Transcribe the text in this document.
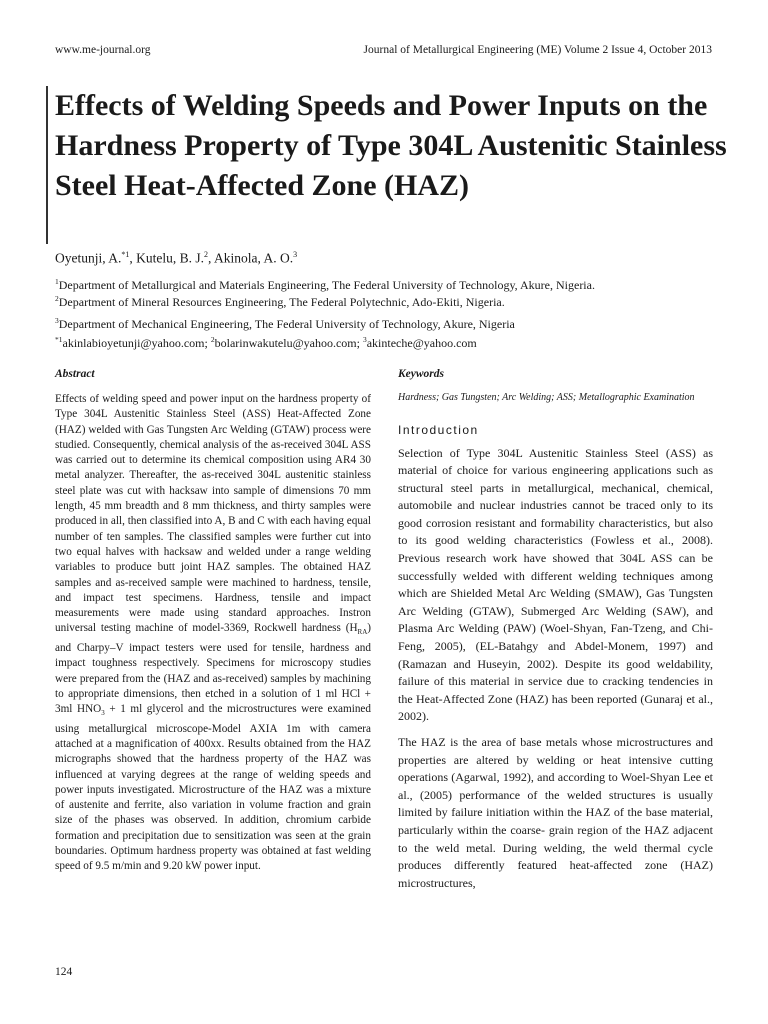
www.me-journal.org	Journal of Metallurgical Engineering (ME) Volume 2 Issue 4, October 2013
Effects of Welding Speeds and Power Inputs on the Hardness Property of Type 304L Austenitic Stainless Steel Heat-Affected Zone (HAZ)
Oyetunji, A.$^{*1}$, Kutelu, B. J.$^2$, Akinola, A. O.$^3$
$^1$Department of Metallurgical and Materials Engineering, The Federal University of Technology, Akure, Nigeria.
$^2$Department of Mineral Resources Engineering, The Federal Polytechnic, Ado-Ekiti, Nigeria.
$^3$Department of Mechanical Engineering, The Federal University of Technology, Akure, Nigeria
$^{*1}$akinlabioyetunji@yahoo.com; $^2$bolarinwakutelu@yahoo.com; $^3$akinteche@yahoo.com

Abstract

Effects of welding speed and power input on the hardness property of Type 304L Austenitic Stainless Steel (ASS) Heat-Affected Zone (HAZ) welded with Gas Tungsten Arc Welding (GTAW) process were studied. Consequently, chemical analysis of the as-received 304L ASS was carried out to determine its chemical composition using AR4 30 metal analyzer. Thereafter, the as-received 304L austenitic stainless steel plate was cut with hacksaw into sample of dimensions 70 mm length, 45 mm breadth and 8 mm thickness, and thirty samples were produced in all, then classified into A, B and C with each having equal number of ten samples. The classified samples were further cut into two equal halves with hacksaw and welded under a range welding variables to produce butt joint HAZ samples. The obtained HAZ samples and as-received sample were machined to hardness, tensile, and impact test specimens. Hardness, tensile and impact measurements were made using standard approaches. Instron universal testing machine of model-3369, Rockwell hardness $(H_{RA})$ and Charpy–V impact testers were used for tensile, hardness and impact toughness respectively. Specimens for microscopy studies were prepared from the (HAZ and as-received) samples by machining to appropriate dimensions, then etched in a solution of 1 ml HCl + 3ml $HNO_3 + 1$ ml glycerol and the microstructures were examined using metallurgical microscope-Model AXIA 1m with camera attached at a magnification of 400xx. Results obtained from the HAZ micrographs showed that the hardness property of the HAZ was influenced at varying degrees at the range of welding speeds and power inputs investigated. Microstructure of the HAZ was a mixture of austenite and ferrite, also variation in volume fraction and grain size of the phases was observed. In addition, chromium carbide formation and precipitation due to sensitization was seen at the grain boundaries. Optimum hardness property was obtained at fast welding speed of 9.5 m/min and 9.20 kW power input.

Keywords

Hardness; Gas Tungsten; Arc Welding; ASS; Metallographic Examination

Introduction

Selection of Type 304L Austenitic Stainless Steel (ASS) as material of choice for various engineering applications such as structural steel parts in metallurgical, mechanical, chemical, automobile and nuclear industries cannot be traced only to its good corrosion resistant and formability characteristics, but also to its good welding characteristics (Fowless et al., 2008). Previous research work have showed that 304L ASS can be successfully welded with different welding techniques among which are Shielded Metal Arc Welding (SMAW), Gas Tungsten Arc Welding (GTAW), Submerged Arc Welding (SAW), and Plasma Arc Welding (PAW) (Woel-Shyan, Fan-Tzeng, and Chi-Feng, 2005), (EL-Batahgy and Abdel-Monem, 1997) and (Ramazan and Huseyin, 2002). Despite its good weldability, failure of this material in service due to cracking tendencies in the Heat-Affected Zone (HAZ) has been reported (Gunaraj et al., 2002).

The HAZ is the area of base metals whose microstructures and properties are altered by welding or heat intensive cutting operations (Agarwal, 1992), and according to Woel-Shyan Lee et al., (2005) performance of the welded structures is usually limited by failure initiation within the HAZ of the base material, particularly within the coarse- grain region of the HAZ adjacent to the weld metal. During welding, the weld thermal cycle produces differently featured heat-affected zone (HAZ) microstructures,

124
